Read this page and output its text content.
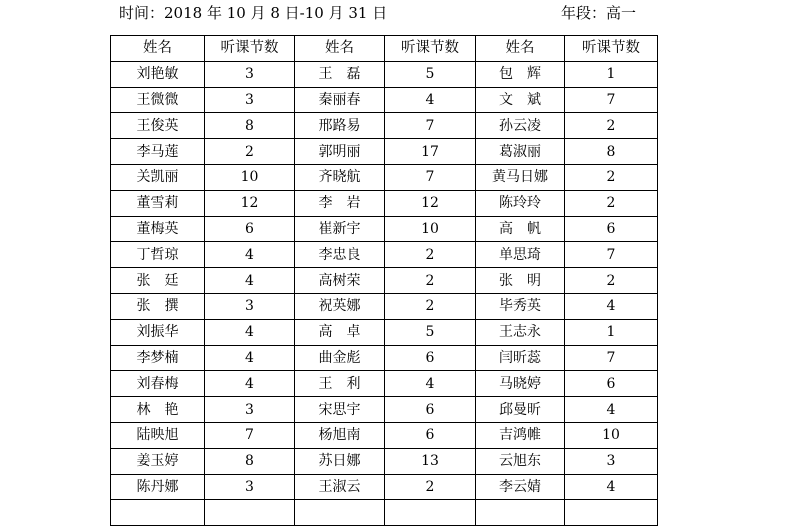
时间：2018 年 10 月 8 日-10 月 31 日	年段：高一
姓名	听课节数	姓名	听课节数	姓名	听课节数
刘艳敏	3	王　磊	5	包　辉	1
王微微	3	秦丽春	4	文　斌	7
王俊英	8	邢路易	7	孙云凌	2
李马莲	2	郭明丽	17	葛淑丽	8
关凯丽	10	齐晓航	7	黄马日娜	2
董雪莉	12	李　岩	12	陈玲玲	2
董梅英	6	崔新宇	10	高　帆	6
丁哲琼	4	李忠良	2	单思琦	7
张　廷	4	高树荣	2	张　明	2
张　撰	3	祝英娜	2	毕秀英	4
刘振华	4	高　卓	5	王志永	1
李梦楠	4	曲金彪	6	闫昕蕊	7
刘春梅	4	王　利	4	马晓婷	6
林　艳	3	宋思宇	6	邱曼昕	4
陆映旭	7	杨旭南	6	吉鸿帷	10
姜玉婷	8	苏日娜	13	云旭东	3
陈丹娜	3	王淑云	2	李云婧	4
